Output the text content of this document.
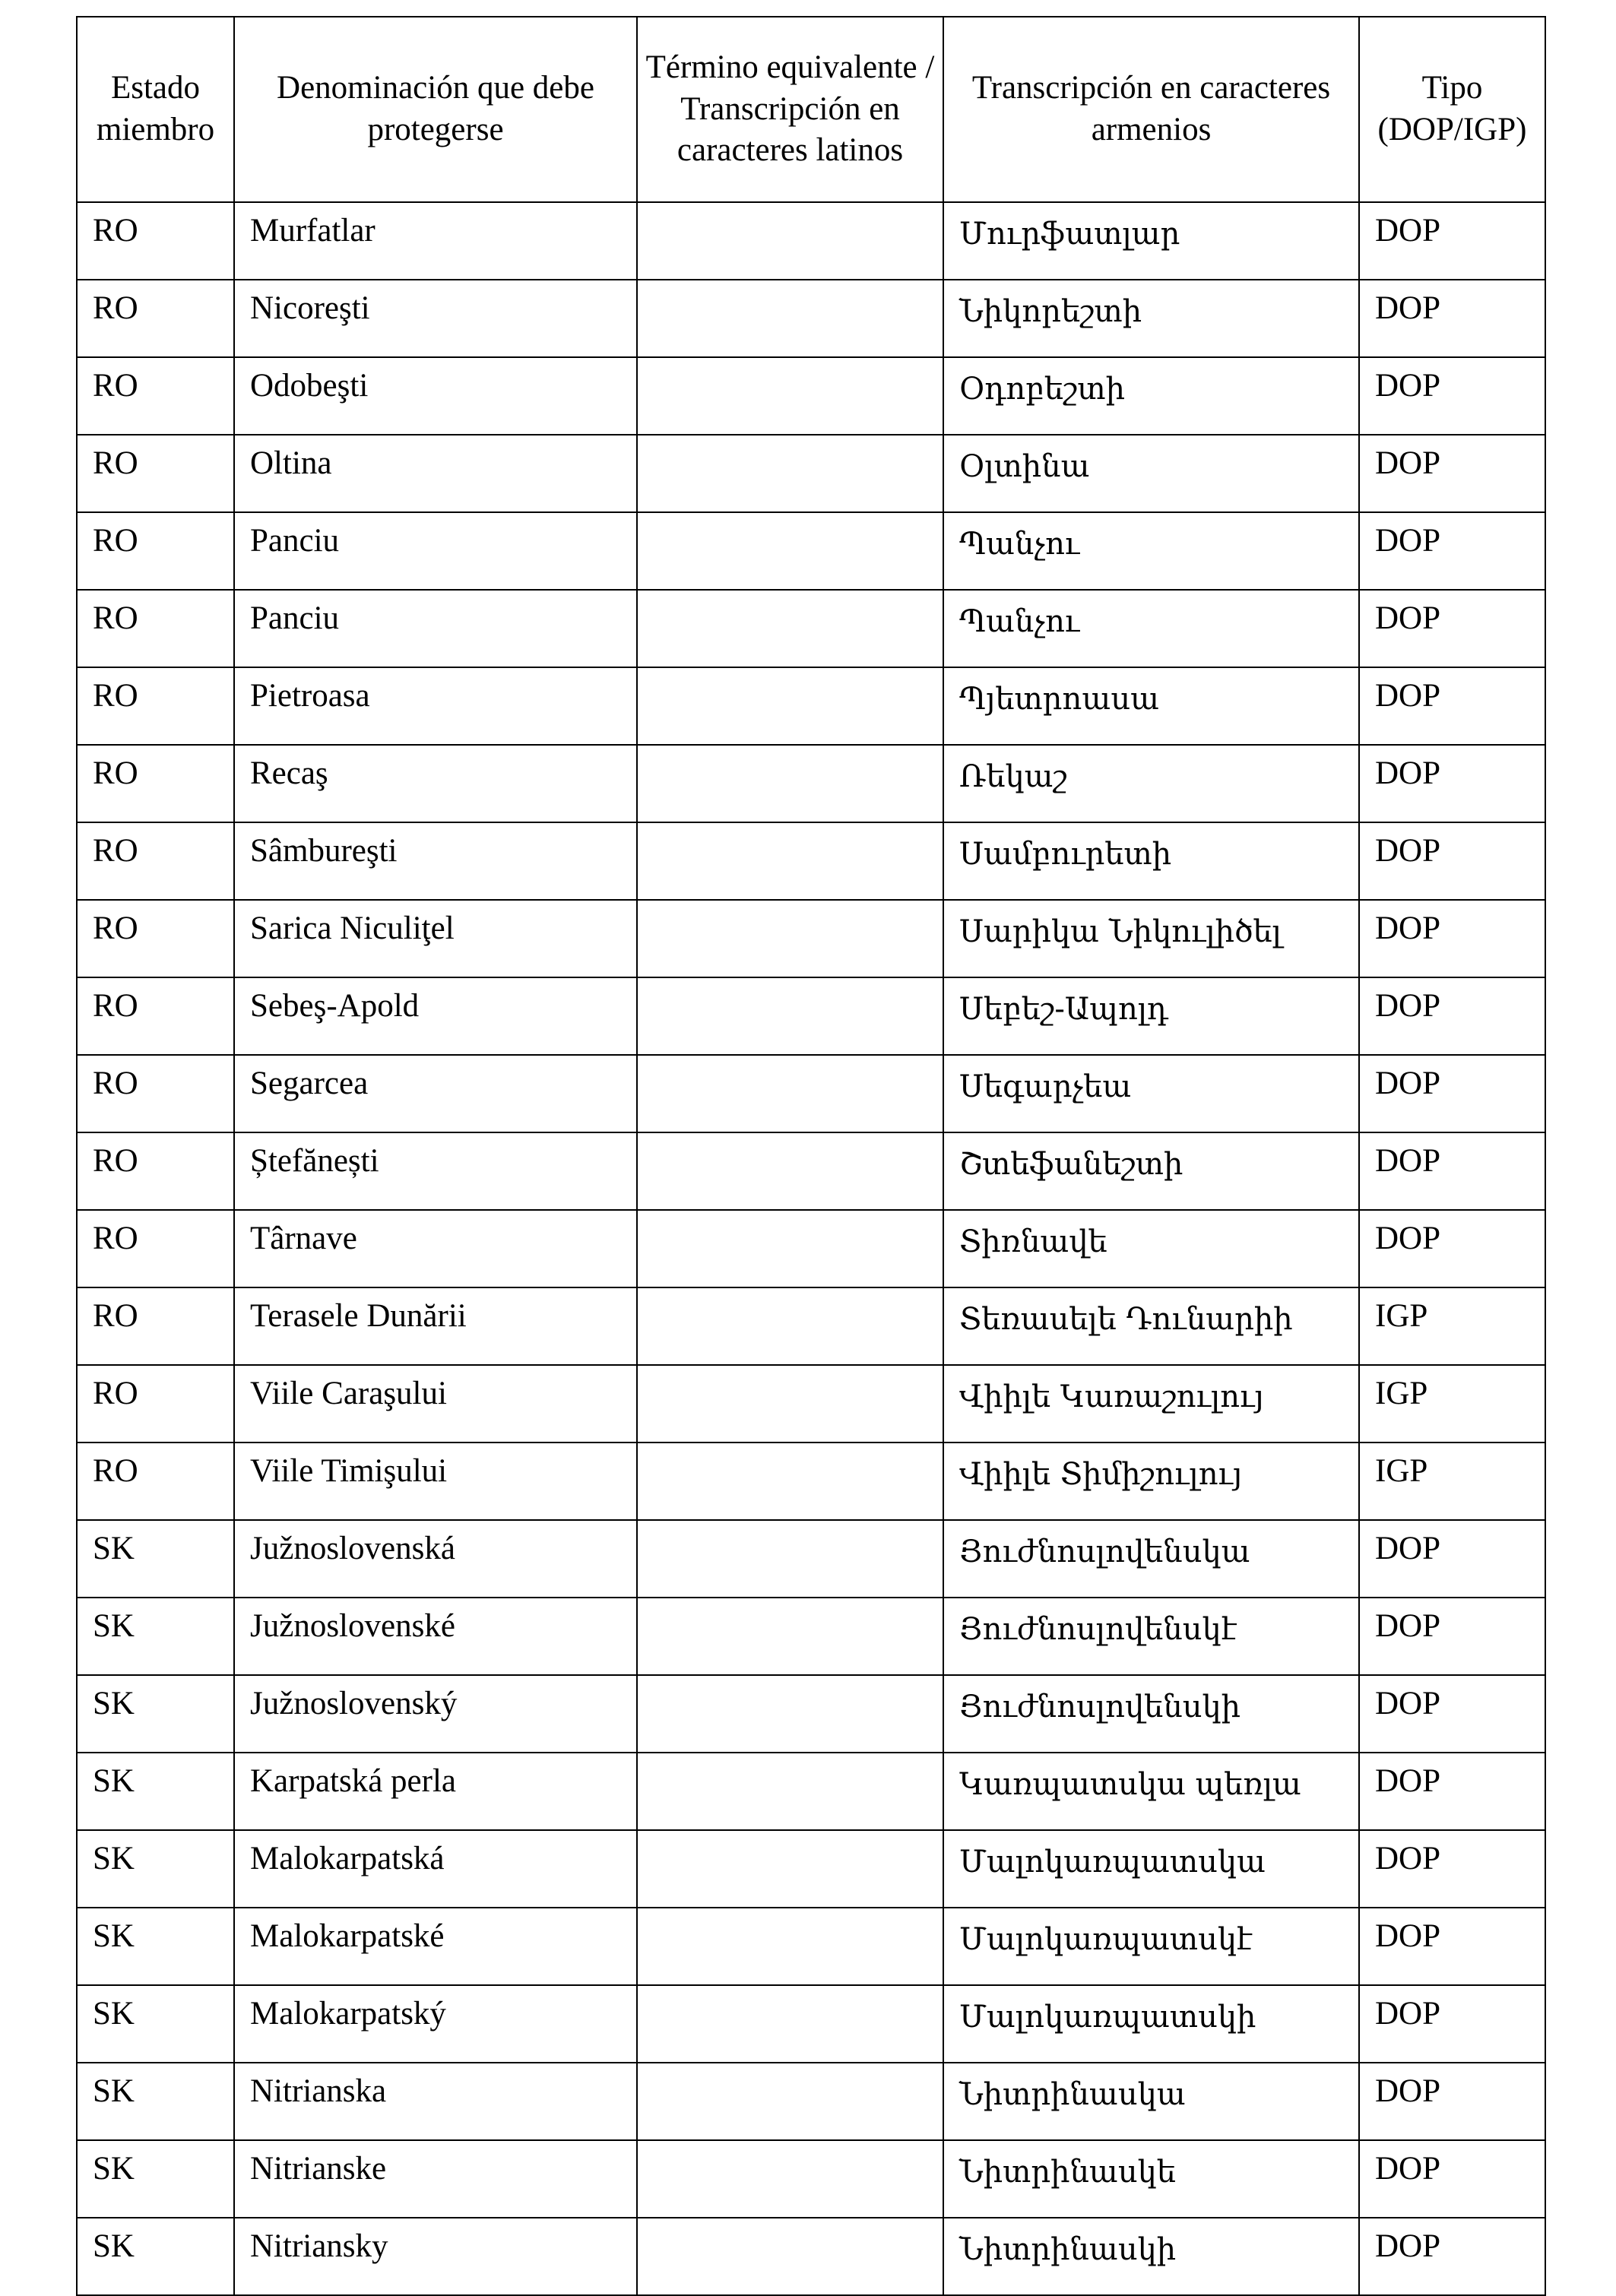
Estado miembro	Denominación que debe protegerse	Término equivalente / Transcripción en caracteres latinos	Transcripción en caracteres armenios	Tipo (DOP/IGP)
RO	Murfatlar		Մուրֆատլար	DOP
RO	Nicoreşti		Նիկորեշտի	DOP
RO	Odobeşti		Օդոբեշտի	DOP
RO	Oltina		Օլտինա	DOP
RO	Panciu		Պանչու	DOP
RO	Panciu		Պանչու	DOP
RO	Pietroasa		Պյետրոասա	DOP
RO	Recaş		Ռեկաշ	DOP
RO	Sâmbureşti		Սամբուրետի	DOP
RO	Sarica Niculiţel		Սարիկա Նիկուլիծել	DOP
RO	Sebeş-Apold		Սեբեշ-Ապոլդ	DOP
RO	Segarcea		Սեգարչեա	DOP
RO	Ștefănești		Շտեֆանեշտի	DOP
RO	Târnave		Տիռնավե	DOP
RO	Terasele Dunării		Տեռասելե Դունարիի	IGP
RO	Viile Caraşului		Վիիլե Կառաշուլույ	IGP
RO	Viile Timişului		Վիիլե Տիմիշուլույ	IGP
SK	Južnoslovenská		Յուժնոսլովենսկա	DOP
SK	Južnoslovenské		Յուժնոսլովենսկէ	DOP
SK	Južnoslovenský		Յուժնոսլովենսկի	DOP
SK	Karpatská perla		Կառպատսկա պեռլա	DOP
SK	Malokarpatská		Մալոկառպատսկա	DOP
SK	Malokarpatské		Մալոկառպատսկէ	DOP
SK	Malokarpatský		Մալոկառպատսկի	DOP
SK	Nitrianska		Նիտրինասկա	DOP
SK	Nitrianske		Նիտրինասկե	DOP
SK	Nitriansky		Նիտրինասկի	DOP
